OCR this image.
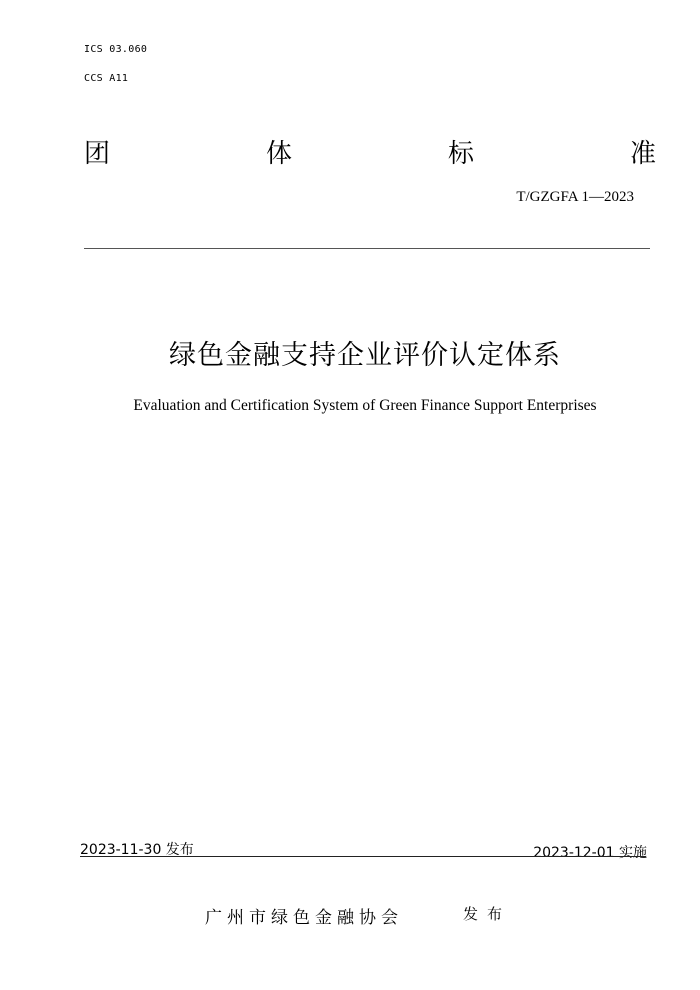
ICS 03.060
CCS A11
团	体	标	准
T/GZGFA 1—2023
绿色金融支持企业评价认定体系
Evaluation and Certification System of Green Finance Support Enterprises
2023-11-30 发布	2023-12-01 实施
广州市绿色金融协会	发布
